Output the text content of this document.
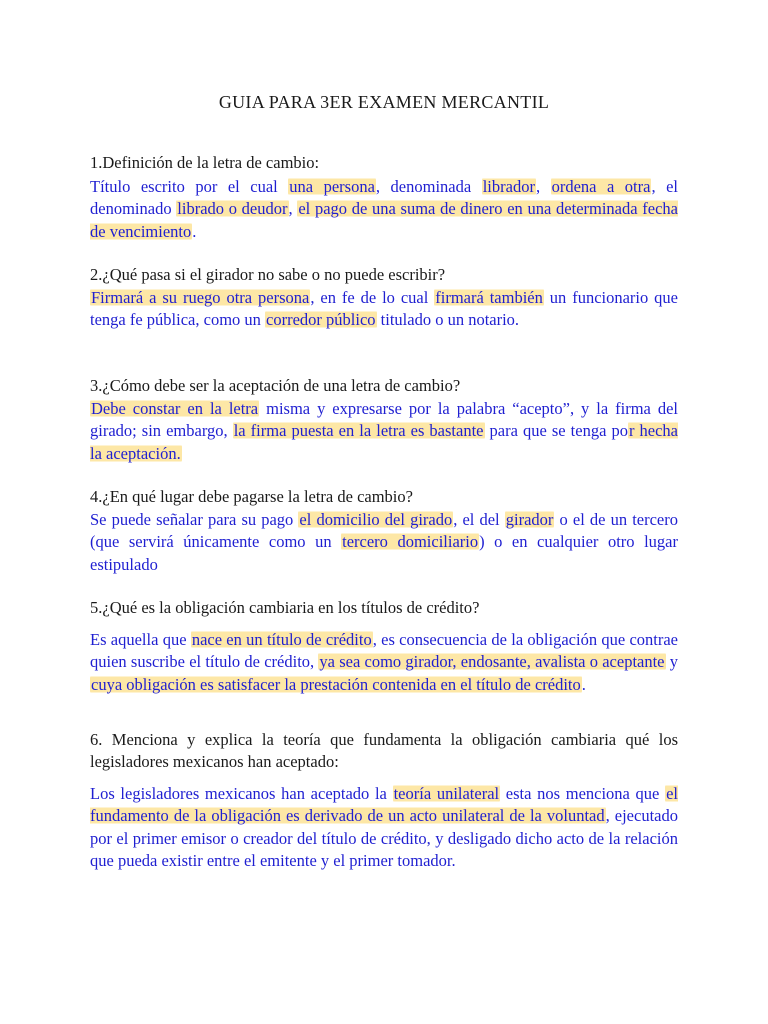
GUIA PARA 3ER EXAMEN MERCANTIL

1.Definición de la letra de cambio:

Título escrito por el cual una persona, denominada librador, ordena a otra, el denominado librado o deudor, el pago de una suma de dinero en una determinada fecha de vencimiento.

2.¿Qué pasa si el girador no sabe o no puede escribir?

Firmará a su ruego otra persona, en fe de lo cual firmará también un funcionario que tenga fe pública, como un corredor público titulado o un notario.

3.¿Cómo debe ser la aceptación de una letra de cambio?

Debe constar en la letra misma y expresarse por la palabra “acepto”, y la firma del girado; sin embargo, la firma puesta en la letra es bastante para que se tenga por hecha la aceptación.

4.¿En qué lugar debe pagarse la letra de cambio?

Se puede señalar para su pago el domicilio del girado, el del girador o el de un tercero (que servirá únicamente como un tercero domiciliario) o en cualquier otro lugar estipulado

5.¿Qué es la obligación cambiaria en los títulos de crédito?

Es aquella que nace en un título de crédito, es consecuencia de la obligación que contrae quien suscribe el título de crédito, ya sea como girador, endosante, avalista o aceptante y cuya obligación es satisfacer la prestación contenida en el título de crédito.

6. Menciona y explica la teoría que fundamenta la obligación cambiaria qué los legisladores mexicanos han aceptado:

Los legisladores mexicanos han aceptado la teoría unilateral esta nos menciona que el fundamento de la obligación es derivado de un acto unilateral de la voluntad, ejecutado por el primer emisor o creador del título de crédito, y desligado dicho acto de la relación que pueda existir entre el emitente y el primer tomador.
